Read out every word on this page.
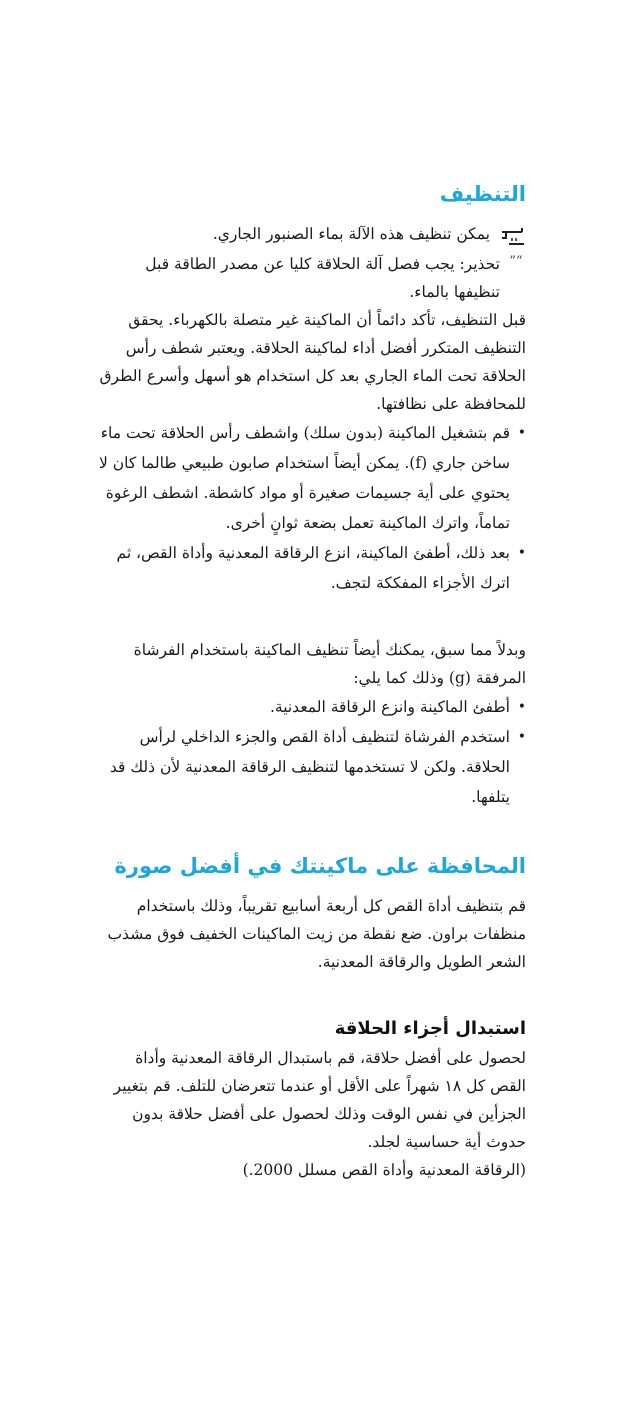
التنظيف

يمكن تنظيف هذه الآلة بماء الصنبور الجاري.

“”

تحذير: يجب فصل آلة الحلاقة كليا عن مصدر الطاقة قبل تنظيفها بالماء.

قبل التنظيف، تأكد دائماً أن الماكينة غير متصلة بالكهرباء. يحقق التنظيف المتكرر أفضل أداء لماكينة الحلاقة. ويعتبر شطف رأس الحلاقة تحت الماء الجاري بعد كل استخدام هو أسهل وأسرع الطرق للمحافظة على نظافتها.

• قم بتشغيل الماكينة (بدون سلك) واشطف رأس الحلاقة تحت ماء ساخن جاري (f). يمكن أيضاً استخدام صابون طبيعي طالما كان لا يحتوي على أية جسيمات صغيرة أو مواد كاشطة. اشطف الرغوة تماماً، واترك الماكينة تعمل بضعة ثوانٍ أخرى.
• بعد ذلك، أطفئ الماكينة، انزع الرقاقة المعدنية وأداة القص، ثم اترك الأجزاء المفككة لتجف.

وبدلاً مما سبق، يمكنك أيضاً تنظيف الماكينة باستخدام الفرشاة المرفقة (g) وذلك كما يلي:

• أطفئ الماكينة وانزع الرقاقة المعدنية.
• استخدم الفرشاة لتنظيف أداة القص والجزء الداخلي لرأس الحلاقة. ولكن لا تستخدمها لتنظيف الرقاقة المعدنية لأن ذلك قد يتلفها.
المحافظة على ماكينتك في أفضل صورة

قم بتنظيف أداة القص كل أربعة أسابيع تقريباً، وذلك باستخدام منظفات براون. ضع نقطة من زيت الماكينات الخفيف فوق مشذب الشعر الطويل والرقاقة المعدنية.

استبدال أجزاء الحلاقة

لحصول على أفضل حلاقة، قم باستبدال الرقاقة المعدنية وأداة القص كل ١٨ شهراً على الأقل أو عندما تتعرضان للتلف. قم بتغيير الجزأين في نفس الوقت وذلك لحصول على أفضل حلاقة بدون حدوث أية حساسية لجلد.

(الرقاقة المعدنية وأداة القص مسلل 2000.)
